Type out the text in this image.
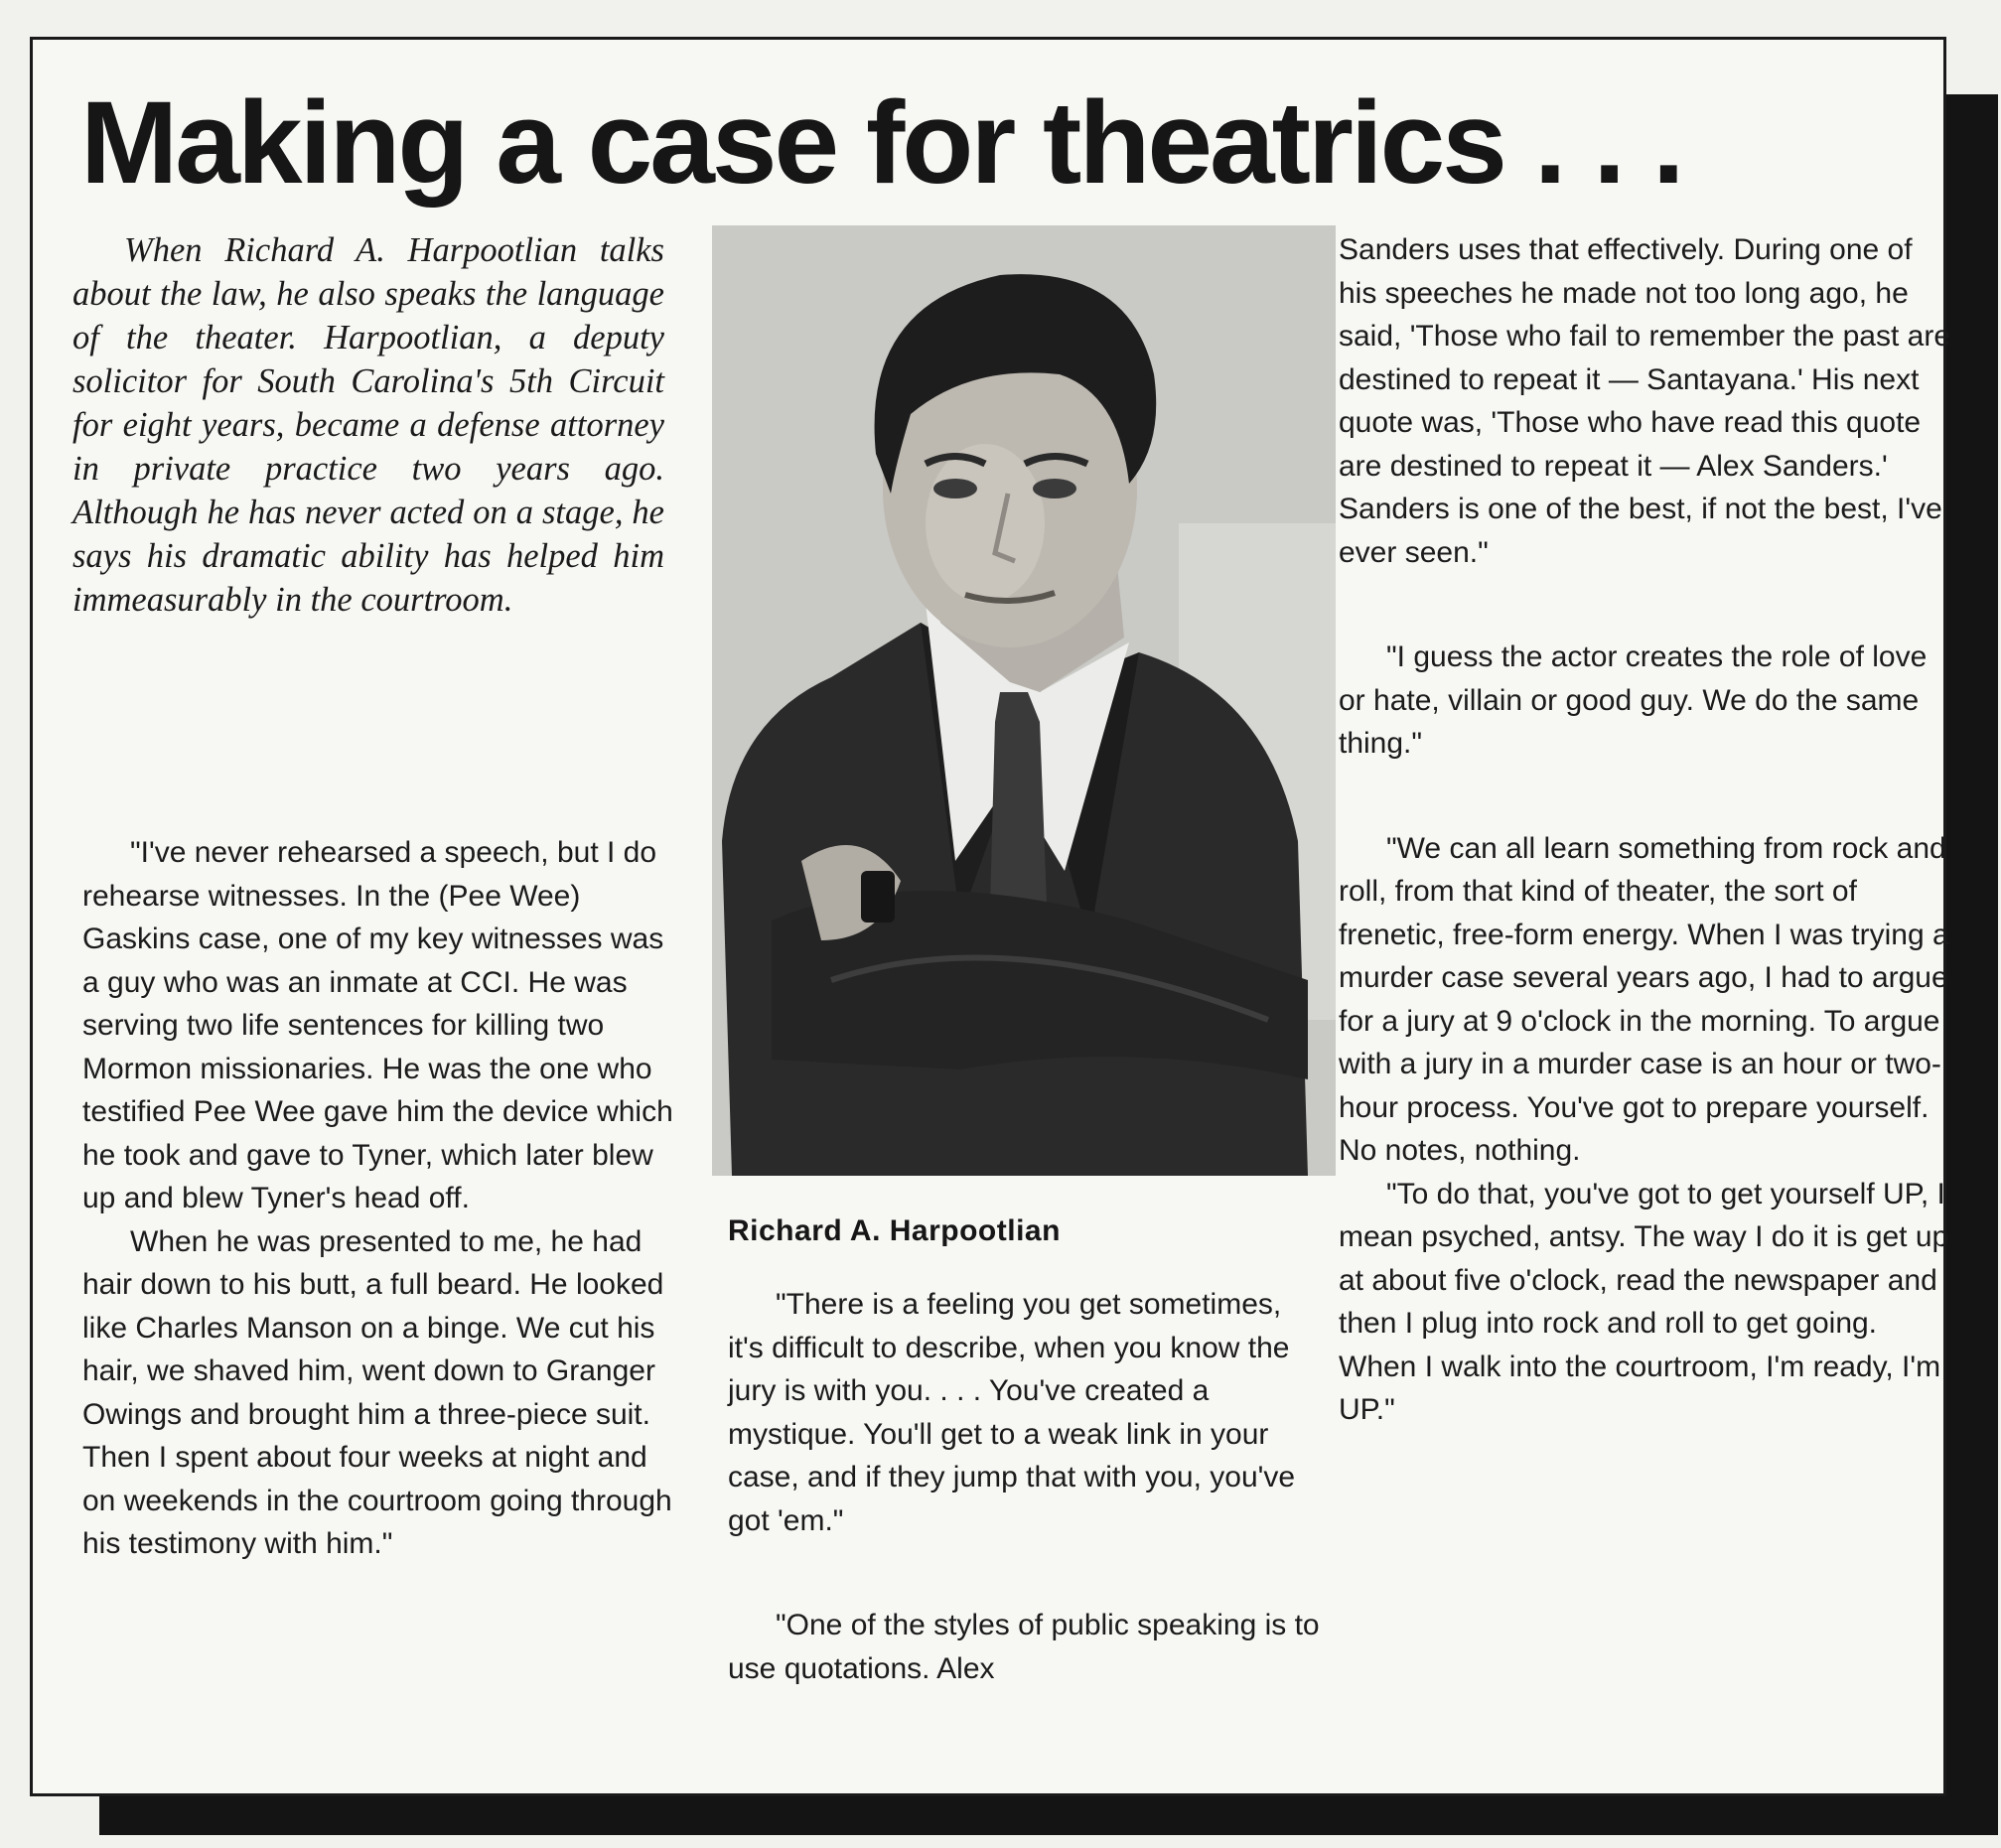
Making a case for theatrics . . .

When Richard A. Harpootlian talks about the law, he also speaks the language of the theater. Harpootlian, a deputy solicitor for South Carolina's 5th Circuit for eight years, became a defense attorney in private practice two years ago. Although he has never acted on a stage, he says his dramatic ability has helped him immeasurably in the courtroom.

"I've never rehearsed a speech, but I do rehearse witnesses. In the (Pee Wee) Gaskins case, one of my key witnesses was a guy who was an inmate at CCI. He was serving two life sentences for killing two Mormon missionaries. He was the one who testified Pee Wee gave him the device which he took and gave to Tyner, which later blew up and blew Tyner's head off.

When he was presented to me, he had hair down to his butt, a full beard. He looked like Charles Manson on a binge. We cut his hair, we shaved him, went down to Granger Owings and brought him a three-piece suit. Then I spent about four weeks at night and on weekends in the courtroom going through his testimony with him."

Richard A. Harpootlian

"There is a feeling you get sometimes, it's difficult to describe, when you know the jury is with you. . . . You've created a mystique. You'll get to a weak link in your case, and if they jump that with you, you've got 'em."

"One of the styles of public speaking is to use quotations. Alex

Sanders uses that effectively. During one of his speeches he made not too long ago, he said, 'Those who fail to remember the past are destined to repeat it — Santayana.' His next quote was, 'Those who have read this quote are destined to repeat it — Alex Sanders.' Sanders is one of the best, if not the best, I've ever seen."

"I guess the actor creates the role of love or hate, villain or good guy. We do the same thing."

"We can all learn something from rock and roll, from that kind of theater, the sort of frenetic, free-form energy. When I was trying a murder case several years ago, I had to argue for a jury at 9 o'clock in the morning. To argue with a jury in a murder case is an hour or two-hour process. You've got to prepare yourself. No notes, nothing.

"To do that, you've got to get yourself UP, I mean psyched, antsy. The way I do it is get up at about five o'clock, read the newspaper and then I plug into rock and roll to get going. When I walk into the courtroom, I'm ready, I'm UP."
